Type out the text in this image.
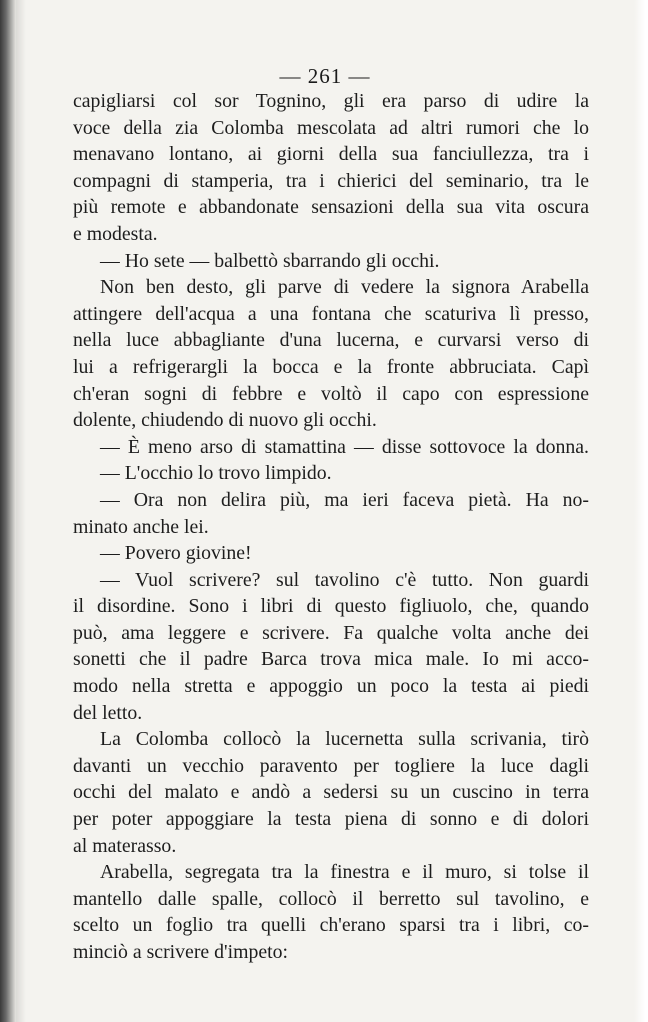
— 261 —
capigliarsi col sor Tognino, gli era parso di udire la
voce della zia Colomba mescolata ad altri rumori che lo
menavano lontano, ai giorni della sua fanciullezza, tra i
compagni di stamperia, tra i chierici del seminario, tra le
più remote e abbandonate sensazioni della sua vita oscura
e modesta.
— Ho sete — balbettò sbarrando gli occhi.
Non ben desto, gli parve di vedere la signora Arabella
attingere dell'acqua a una fontana che scaturiva lì presso,
nella luce abbagliante d'una lucerna, e curvarsi verso di
lui a refrigerargli la bocca e la fronte abbruciata. Capì
ch'eran sogni di febbre e voltò il capo con espressione
dolente, chiudendo di nuovo gli occhi.
— È meno arso di stamattina — disse sottovoce la donna.
— L'occhio lo trovo limpido.
— Ora non delira più, ma ieri faceva pietà. Ha no-
minato anche lei.
— Povero giovine!
— Vuol scrivere? sul tavolino c'è tutto. Non guardi
il disordine. Sono i libri di questo figliuolo, che, quando
può, ama leggere e scrivere. Fa qualche volta anche dei
sonetti che il padre Barca trova mica male. Io mi acco-
modo nella stretta e appoggio un poco la testa ai piedi
del letto.
La Colomba collocò la lucernetta sulla scrivania, tirò
davanti un vecchio paravento per togliere la luce dagli
occhi del malato e andò a sedersi su un cuscino in terra
per poter appoggiare la testa piena di sonno e di dolori
al materasso.
Arabella, segregata tra la finestra e il muro, si tolse il
mantello dalle spalle, collocò il berretto sul tavolino, e
scelto un foglio tra quelli ch'erano sparsi tra i libri, co-
minciò a scrivere d'impeto:
